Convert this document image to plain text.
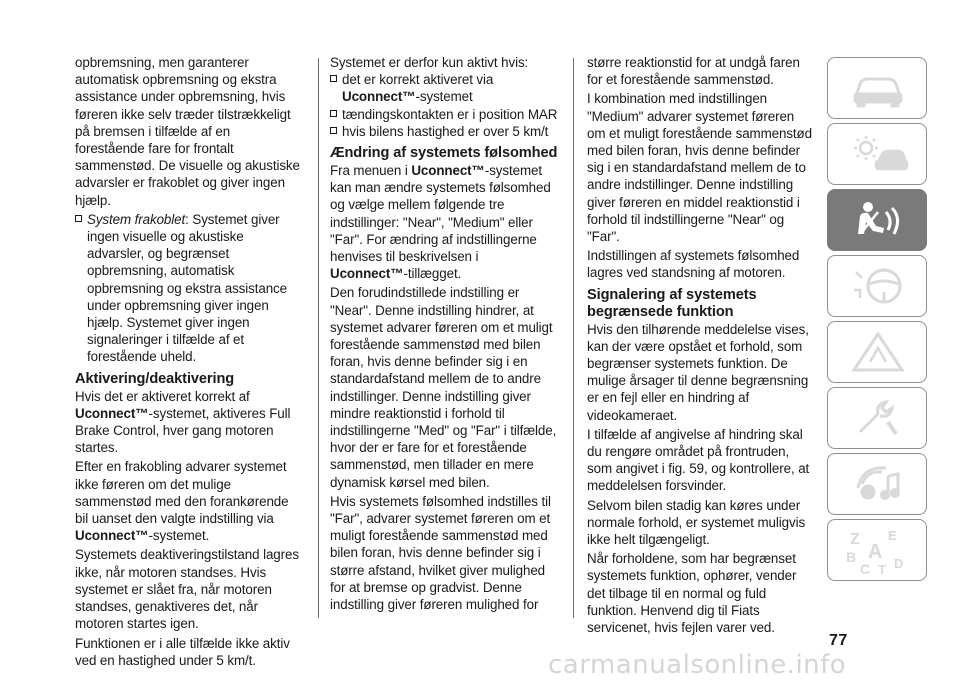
opbremsning, men garanterer automatisk opbremsning og ekstra assistance under opbremsning, hvis føreren ikke selv træder tilstrækkeligt på bremsen i tilfælde af en forestående fare for frontalt sammenstød. De visuelle og akustiske advarsler er frakoblet og giver ingen hjælp.

System frakoblet: Systemet giver ingen visuelle og akustiske advarsler, og begrænset opbremsning, automatisk opbremsning og ekstra assistance under opbremsning giver ingen hjælp. Systemet giver ingen signaleringer i tilfælde af et forestående uheld.

Aktivering/deaktivering

Hvis det er aktiveret korrekt af Uconnect™-systemet, aktiveres Full Brake Control, hver gang motoren startes.

Efter en frakobling advarer systemet ikke føreren om det mulige sammenstød med den forankørende bil uanset den valgte indstilling via Uconnect™-systemet.

Systemets deaktiveringstilstand lagres ikke, når motoren standses. Hvis systemet er slået fra, når motoren standses, genaktiveres det, når motoren startes igen.

Funktionen er i alle tilfælde ikke aktiv ved en hastighed under 5 km/t.

Systemet er derfor kun aktivt hvis:

det er korrekt aktiveret via Uconnect™-systemet

tændingskontakten er i position MAR

hvis bilens hastighed er over 5 km/t

Ændring af systemets følsomhed

Fra menuen i Uconnect™-systemet kan man ændre systemets følsomhed og vælge mellem følgende tre indstillinger: "Near", "Medium" eller "Far". For ændring af indstillingerne henvises til beskrivelsen i Uconnect™-tillægget.

Den forudindstillede indstilling er "Near". Denne indstilling hindrer, at systemet advarer føreren om et muligt forestående sammenstød med bilen foran, hvis denne befinder sig i en standardafstand mellem de to andre indstillinger. Denne indstilling giver mindre reaktionstid i forhold til indstillingerne "Med" og "Far" i tilfælde, hvor der er fare for et forestående sammenstød, men tillader en mere dynamisk kørsel med bilen.

Hvis systemets følsomhed indstilles til "Far", advarer systemet føreren om et muligt forestående sammenstød med bilen foran, hvis denne befinder sig i større afstand, hvilket giver mulighed for at bremse op gradvist. Denne indstilling giver føreren mulighed for

større reaktionstid for at undgå faren for et forestående sammenstød.

I kombination med indstillingen "Medium" advarer systemet føreren om et muligt forestående sammenstød med bilen foran, hvis denne befinder sig i en standardafstand mellem de to andre indstillinger. Denne indstilling giver føreren en middel reaktionstid i forhold til indstillingerne "Near" og "Far".

Indstillingen af systemets følsomhed lagres ved standsning af motoren.

Signalering af systemets begrænsede funktion

Hvis den tilhørende meddelelse vises, kan der være opstået et forhold, som begrænser systemets funktion. De mulige årsager til denne begrænsning er en fejl eller en hindring af videokameraet.

I tilfælde af angivelse af hindring skal du rengøre området på frontruden, som angivet i fig. 59, og kontrollere, at meddelelsen forsvinder.

Selvom bilen stadig kan køres under normale forhold, er systemet muligvis ikke helt tilgængeligt.

Når forholdene, som har begrænset systemets funktion, ophører, vender det tilbage til en normal og fuld funktion. Henvend dig til Fiats servicenet, hvis fejlen varer ved.

Z E
B A
C T D
77
carmanualsonline.info
